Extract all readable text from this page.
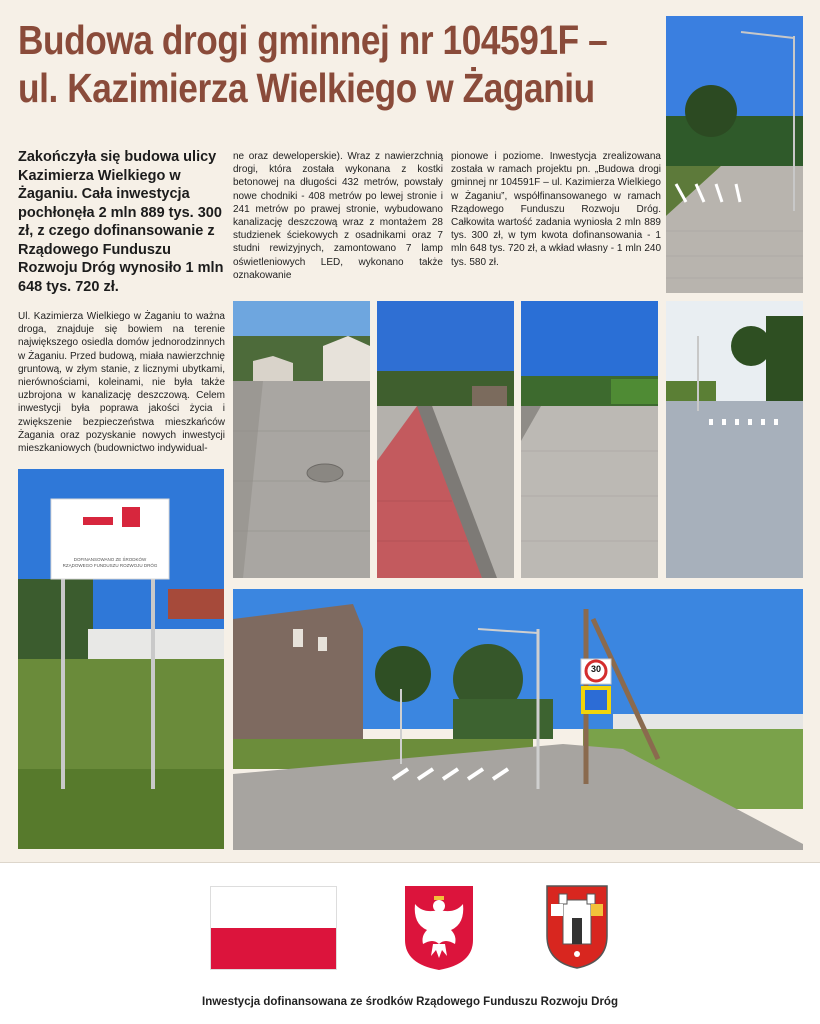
Budowa drogi gminnej nr 104591F –
ul. Kazimierza Wielkiego w Żaganiu
Zakończyła się budowa ulicy Kazimierza Wielkiego w Żaganiu. Cała inwestycja pochłonęła 2 mln 889 tys. 300 zł, z czego dofinansowanie z Rządowego Funduszu Rozwoju Dróg wynosiło 1 mln 648 tys. 720 zł.
Ul. Kazimierza Wielkiego w Żaganiu to ważna droga, znajduje się bowiem na terenie największego osiedla domów jednorodzinnych w Żaganiu. Przed budową, miała nawierzchnię gruntową, w złym stanie, z licznymi ubytkami, nierównościami, koleinami, nie była także uzbrojona w kanalizację deszczową. Celem inwestycji była poprawa jakości życia i zwiększenie bezpieczeństwa mieszkańców Żagania oraz pozyskanie nowych inwestycji mieszkaniowych (budownictwo indywidual-
ne oraz deweloperskie). Wraz z nawierzchnią drogi, która została wykonana z kostki betonowej na długości 432 metrów, powstały nowe chodniki - 408 metrów po lewej stronie i 241 metrów po prawej stronie, wybudowano kanalizację deszczową wraz z montażem 28 studzienek ściekowych z osadnikami oraz 7 studni rewizyjnych, zamontowano 7 lamp oświetleniowych LED, wykonano także oznakowanie
pionowe i poziome. Inwestycja zrealizowana została w ramach projektu pn. „Budowa drogi gminnej nr 104591F – ul. Kazimierza Wielkiego w Żaganiu”, współfinansowanego w ramach Rządowego Funduszu Rozwoju Dróg. Całkowita wartość zadania wyniosła 2 mln 889 tys. 300 zł, w tym kwota dofinansowania - 1 mln 648 tys. 720 zł, a wkład własny - 1 mln 240 tys. 580 zł.
DOFINANSOWANO ZE ŚRODKÓW
RZĄDOWEGO FUNDUSZU ROZWOJU DRÓG
30
Inwestycja dofinansowana ze środków Rządowego Funduszu Rozwoju Dróg
